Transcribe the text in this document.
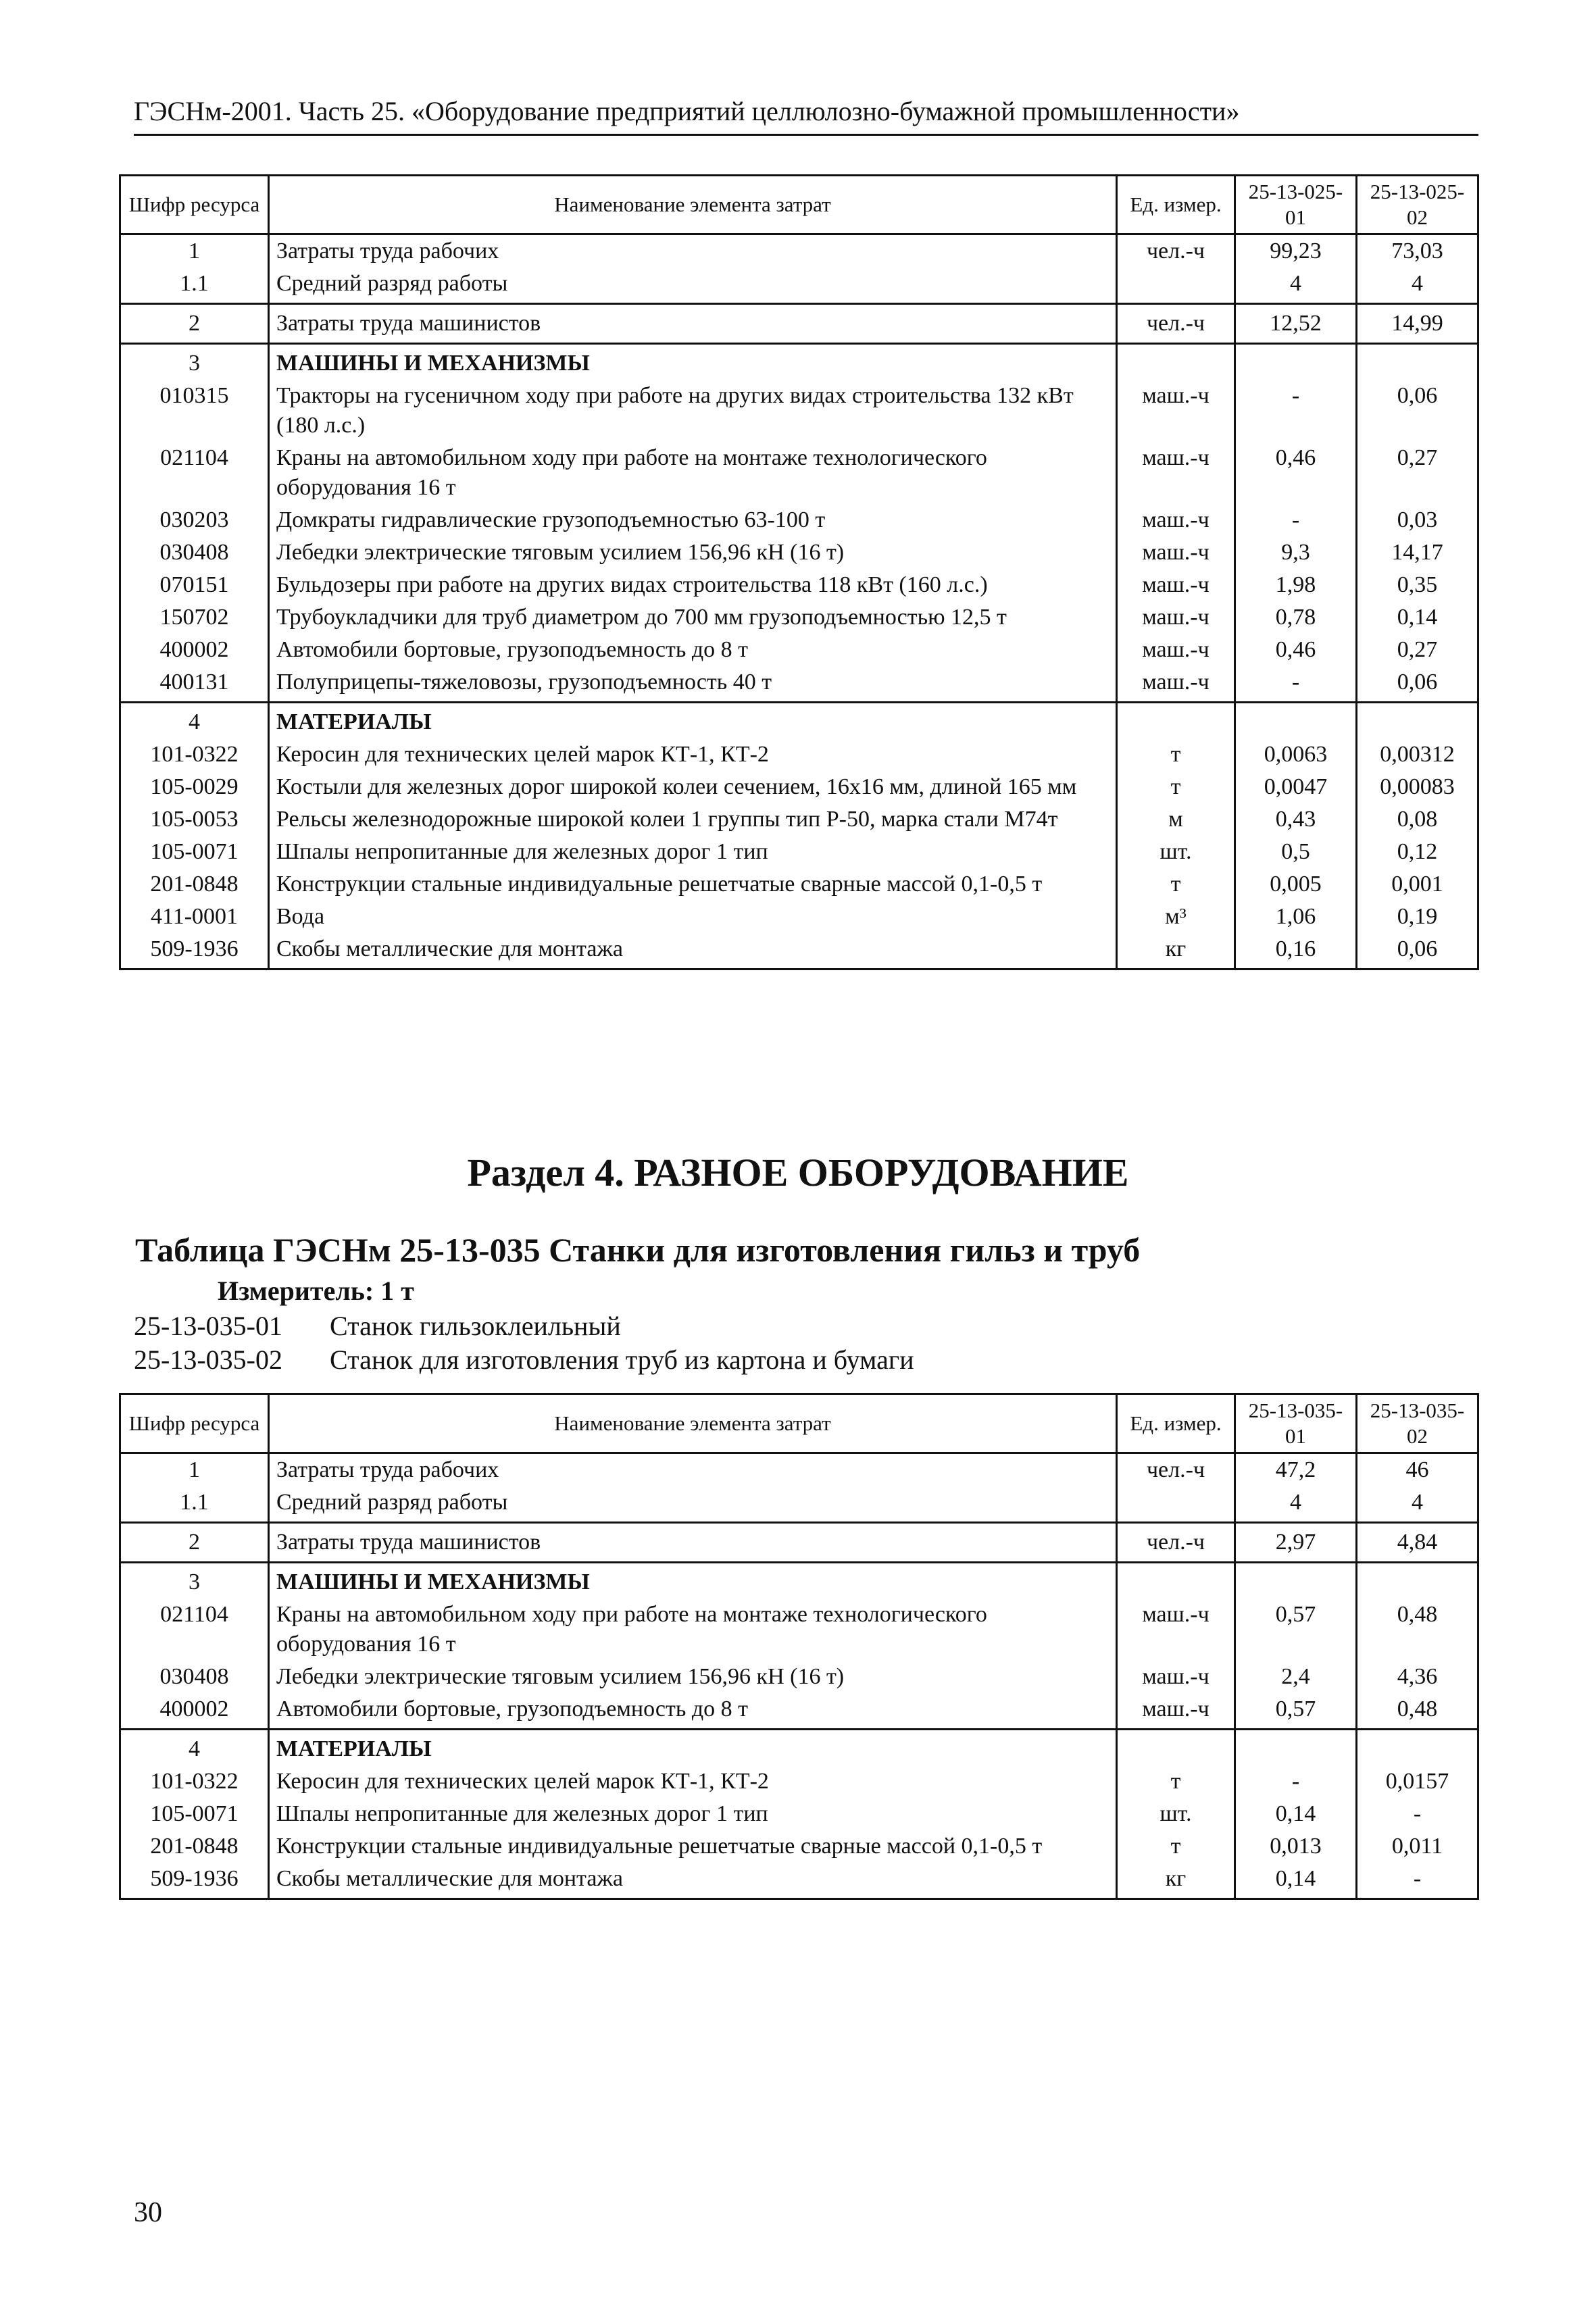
ГЭСНм-2001. Часть 25. «Оборудование предприятий целлюлозно-бумажной промышленности»
Шифр ресурса	Наименование элемента затрат	Ед. измер.	25-13-025-01	25-13-025-02
1	Затраты труда рабочих	чел.-ч	99,23	73,03
1.1	Средний разряд работы		4	4
2	Затраты труда машинистов	чел.-ч	12,52	14,99
3	МАШИНЫ И МЕХАНИЗМЫ			
010315	Тракторы на гусеничном ходу при работе на других видах строительства 132 кВт (180 л.с.)	маш.-ч	-	0,06
021104	Краны на автомобильном ходу при работе на монтаже технологического оборудования 16 т	маш.-ч	0,46	0,27
030203	Домкраты гидравлические грузоподъемностью 63-100 т	маш.-ч	-	0,03
030408	Лебедки электрические тяговым усилием 156,96 кН (16 т)	маш.-ч	9,3	14,17
070151	Бульдозеры при работе на других видах строительства 118 кВт (160 л.с.)	маш.-ч	1,98	0,35
150702	Трубоукладчики для труб диаметром до 700 мм грузоподъемностью 12,5 т	маш.-ч	0,78	0,14
400002	Автомобили бортовые, грузоподъемность до 8 т	маш.-ч	0,46	0,27
400131	Полуприцепы-тяжеловозы, грузоподъемность 40 т	маш.-ч	-	0,06
4	МАТЕРИАЛЫ			
101-0322	Керосин для технических целей марок КТ-1, КТ-2	т	0,0063	0,00312
105-0029	Костыли для железных дорог широкой колеи сечением, 16х16 мм, длиной 165 мм	т	0,0047	0,00083
105-0053	Рельсы железнодорожные широкой колеи 1 группы тип Р-50, марка стали М74т	м	0,43	0,08
105-0071	Шпалы непропитанные для железных дорог 1 тип	шт.	0,5	0,12
201-0848	Конструкции стальные индивидуальные решетчатые сварные массой 0,1-0,5 т	т	0,005	0,001
411-0001	Вода	м³	1,06	0,19
509-1936	Скобы металлические для монтажа	кг	0,16	0,06
Раздел 4. РАЗНОЕ ОБОРУДОВАНИЕ
Таблица ГЭСНм 25-13-035 Станки для изготовления гильз и труб
Измеритель: 1 т
25-13-035-01 Станок гильзоклеильный
25-13-035-02 Станок для изготовления труб из картона и бумаги
Шифр ресурса	Наименование элемента затрат	Ед. измер.	25-13-035-01	25-13-035-02
1	Затраты труда рабочих	чел.-ч	47,2	46
1.1	Средний разряд работы		4	4
2	Затраты труда машинистов	чел.-ч	2,97	4,84
3	МАШИНЫ И МЕХАНИЗМЫ			
021104	Краны на автомобильном ходу при работе на монтаже технологического оборудования 16 т	маш.-ч	0,57	0,48
030408	Лебедки электрические тяговым усилием 156,96 кН (16 т)	маш.-ч	2,4	4,36
400002	Автомобили бортовые, грузоподъемность до 8 т	маш.-ч	0,57	0,48
4	МАТЕРИАЛЫ			
101-0322	Керосин для технических целей марок КТ-1, КТ-2	т	-	0,0157
105-0071	Шпалы непропитанные для железных дорог 1 тип	шт.	0,14	-
201-0848	Конструкции стальные индивидуальные решетчатые сварные массой 0,1-0,5 т	т	0,013	0,011
509-1936	Скобы металлические для монтажа	кг	0,14	-
30
